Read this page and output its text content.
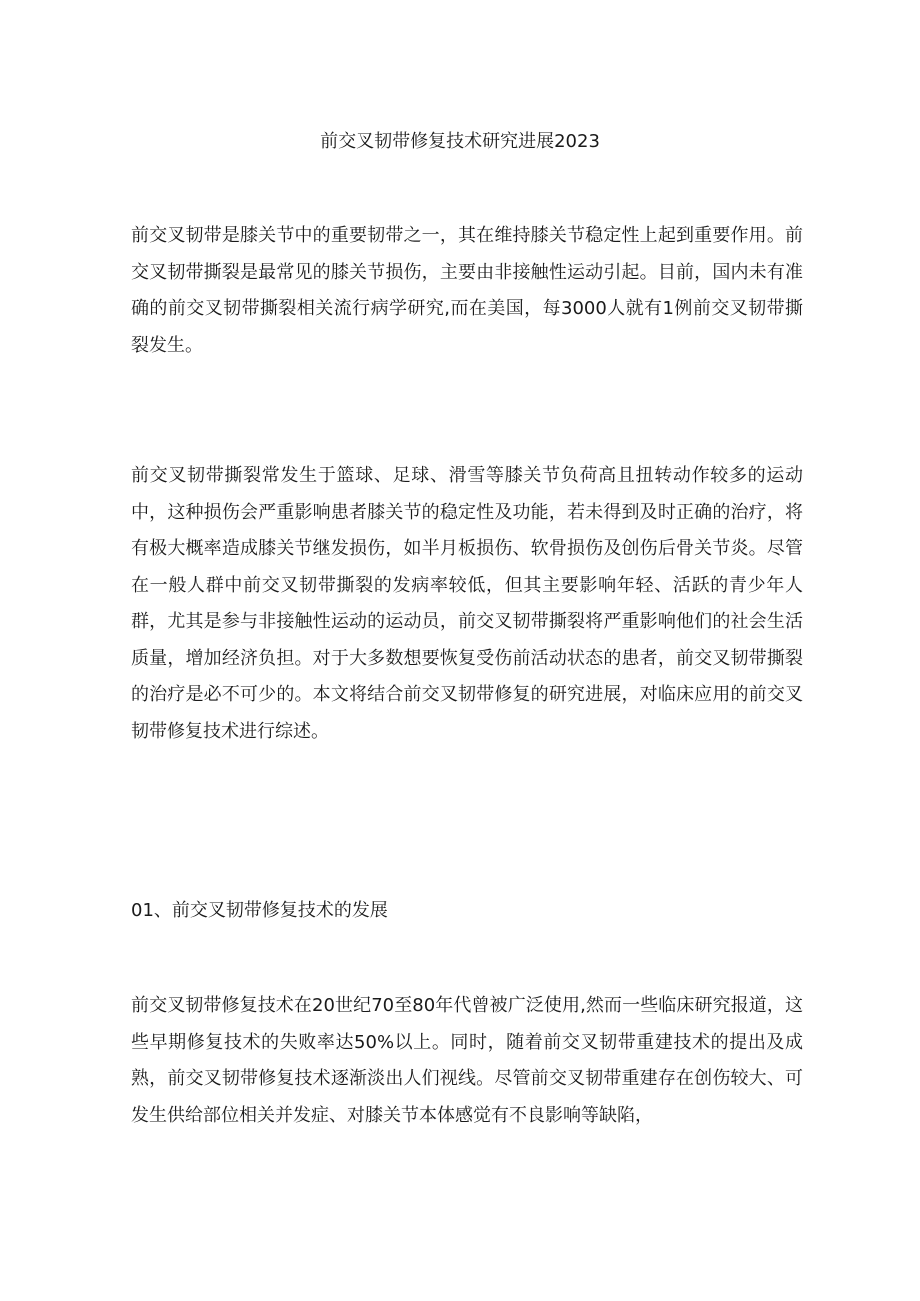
前交叉韧带修复技术研究进展2023

前交叉韧带是膝关节中的重要韧带之一，其在维持膝关节稳定性上起到重要作用。前交叉韧带撕裂是最常见的膝关节损伤，主要由非接触性运动引起。目前，国内未有准确的前交叉韧带撕裂相关流行病学研究,而在美国，每3000人就有1例前交叉韧带撕裂发生。

前交叉韧带撕裂常发生于篮球、足球、滑雪等膝关节负荷高且扭转动作较多的运动中，这种损伤会严重影响患者膝关节的稳定性及功能，若未得到及时正确的治疗，将有极大概率造成膝关节继发损伤，如半月板损伤、软骨损伤及创伤后骨关节炎。尽管在一般人群中前交叉韧带撕裂的发病率较低，但其主要影响年轻、活跃的青少年人群，尤其是参与非接触性运动的运动员，前交叉韧带撕裂将严重影响他们的社会生活质量，增加经济负担。对于大多数想要恢复受伤前活动状态的患者，前交叉韧带撕裂的治疗是必不可少的。本文将结合前交叉韧带修复的研究进展，对临床应用的前交叉韧带修复技术进行综述。

01、前交叉韧带修复技术的发展

前交叉韧带修复技术在20世纪70至80年代曾被广泛使用,然而一些临床研究报道，这些早期修复技术的失败率达50%以上。同时，随着前交叉韧带重建技术的提出及成熟，前交叉韧带修复技术逐渐淡出人们视线。尽管前交叉韧带重建存在创伤较大、可发生供给部位相关并发症、对膝关节本体感觉有不良影响等缺陷，
